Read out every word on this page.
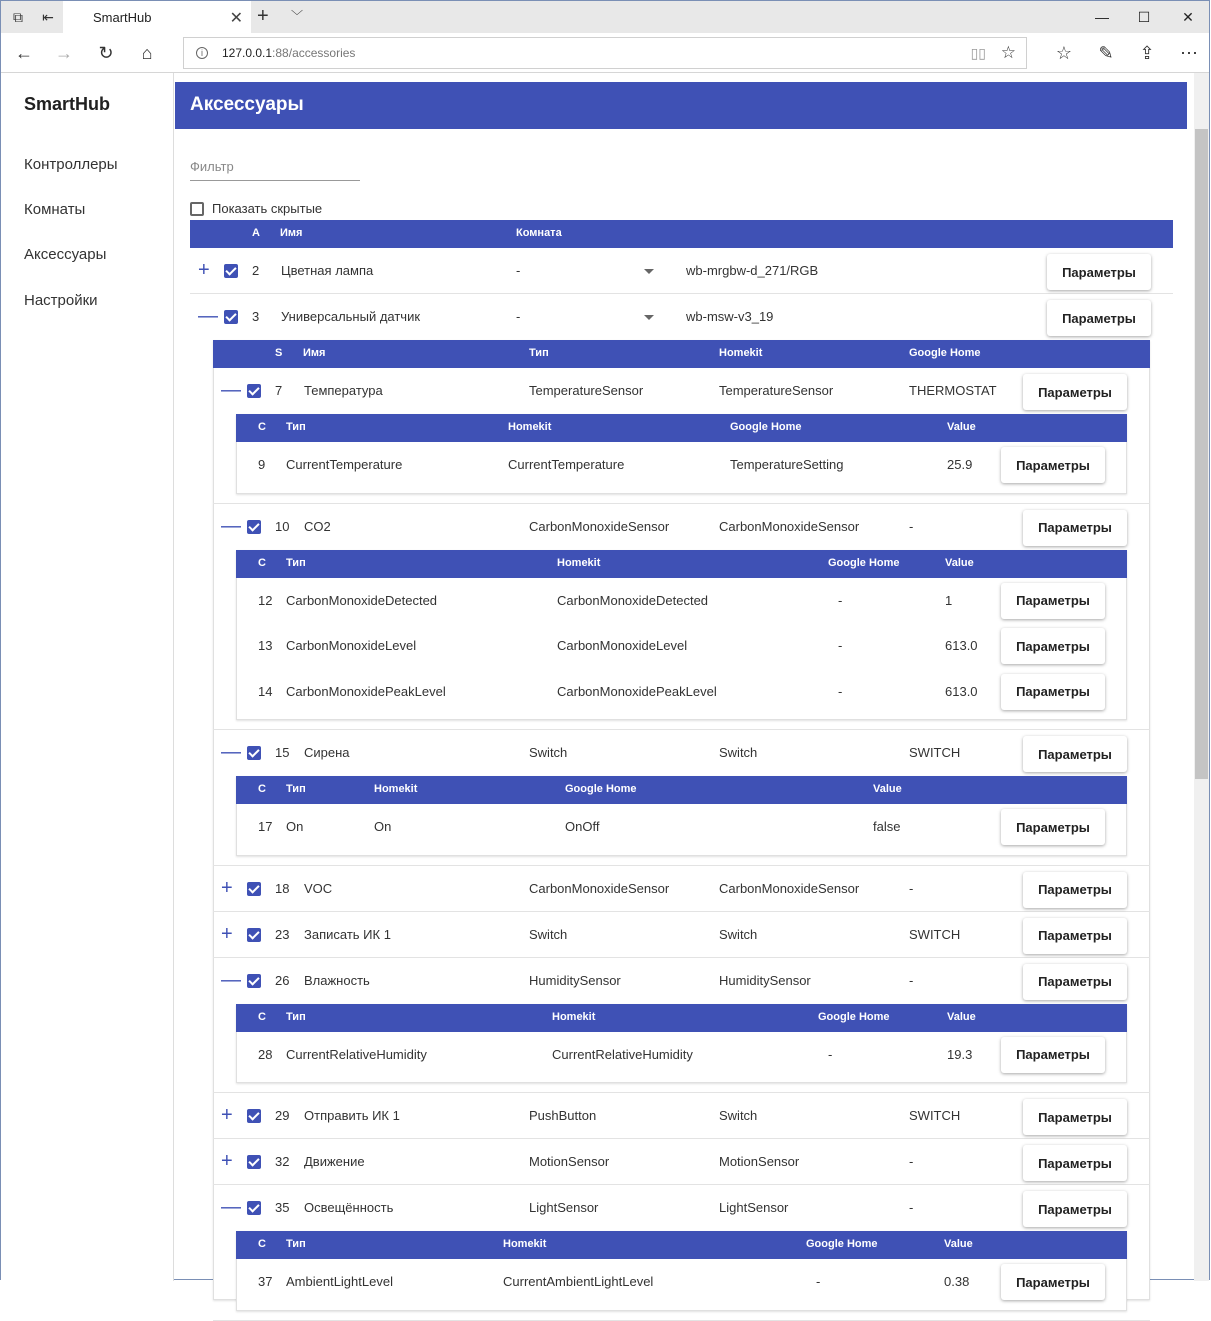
⧉	⇤	SmartHub	✕ + ﹀	—	☐	✕
←	→	↻	⌂	i	127.0.0.1 :88/accessories	▯▯ ☆	☆	✎	⇪	⋯
SmartHub
Контроллеры
Комнаты
Аксессуары
Настройки
Аксессуары
Фильтр
Показать скрытые
A Имя	Комната
+	2 Цветная лампа	-	wb-mrgbw-d_271/RGB	Параметры
—	3 Универсальный датчик	-	wb-msw-v3_19	Параметры
S Имя	Тип	Homekit	Google Home
—	7 Температура	TemperatureSensor	TemperatureSensor	THERMOSTAT	Параметры
C Тип	Homekit	Google Home	Value
9 CurrentTemperature	CurrentTemperature	TemperatureSetting	25.9	Параметры
—	10 CO2	CarbonMonoxideSensor	CarbonMonoxideSensor	-	Параметры
C Тип	Homekit	Google Home	Value
12 CarbonMonoxideDetected	CarbonMonoxideDetected	-	1	Параметры
13 CarbonMonoxideLevel	CarbonMonoxideLevel	-	613.0	Параметры
14 CarbonMonoxidePeakLevel	CarbonMonoxidePeakLevel	-	613.0	Параметры
—	15 Сирена	Switch	Switch	SWITCH	Параметры
C Тип	Homekit	Google Home	Value
17 On	On	OnOff	false	Параметры
+	18 VOC	CarbonMonoxideSensor	CarbonMonoxideSensor	-	Параметры
+	23 Записать ИК 1	Switch	Switch	SWITCH	Параметры
—	26 Влажность	HumiditySensor	HumiditySensor	-	Параметры
C Тип	Homekit	Google Home	Value
28 CurrentRelativeHumidity	CurrentRelativeHumidity	-	19.3	Параметры
+	29 Отправить ИК 1	PushButton	Switch	SWITCH	Параметры
+	32 Движение	MotionSensor	MotionSensor	-	Параметры
—	35 Освещённость	LightSensor	LightSensor	-	Параметры
C Тип	Homekit	Google Home	Value
37 AmbientLightLevel	CurrentAmbientLightLevel	-	0.38	Параметры
